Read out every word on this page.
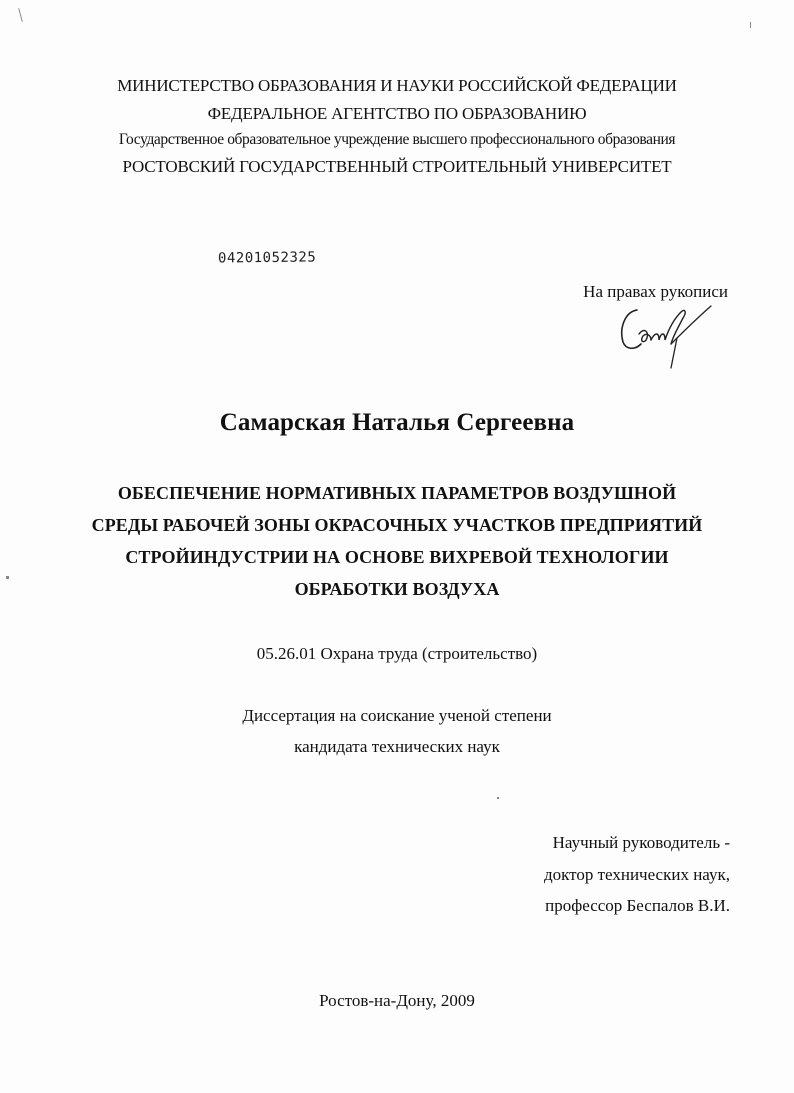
МИНИСТЕРСТВО ОБРАЗОВАНИЯ И НАУКИ РОССИЙСКОЙ ФЕДЕРАЦИИ
ФЕДЕРАЛЬНОЕ АГЕНТСТВО ПО ОБРАЗОВАНИЮ
Государственное образовательное учреждение высшего профессионального образования
РОСТОВСКИЙ ГОСУДАРСТВЕННЫЙ СТРОИТЕЛЬНЫЙ УНИВЕРСИТЕТ
04201052325
На правах рукописи
Самарская Наталья Сергеевна
ОБЕСПЕЧЕНИЕ НОРМАТИВНЫХ ПАРАМЕТРОВ ВОЗДУШНОЙ
СРЕДЫ РАБОЧЕЙ ЗОНЫ ОКРАСОЧНЫХ УЧАСТКОВ ПРЕДПРИЯТИЙ
СТРОЙИНДУСТРИИ НА ОСНОВЕ ВИХРЕВОЙ ТЕХНОЛОГИИ
ОБРАБОТКИ ВОЗДУХА
05.26.01 Охрана труда (строительство)
Диссертация на соискание ученой степени
кандидата технических наук
Научный руководитель -
доктор технических наук,
профессор Беспалов В.И.
Ростов-на-Дону, 2009
